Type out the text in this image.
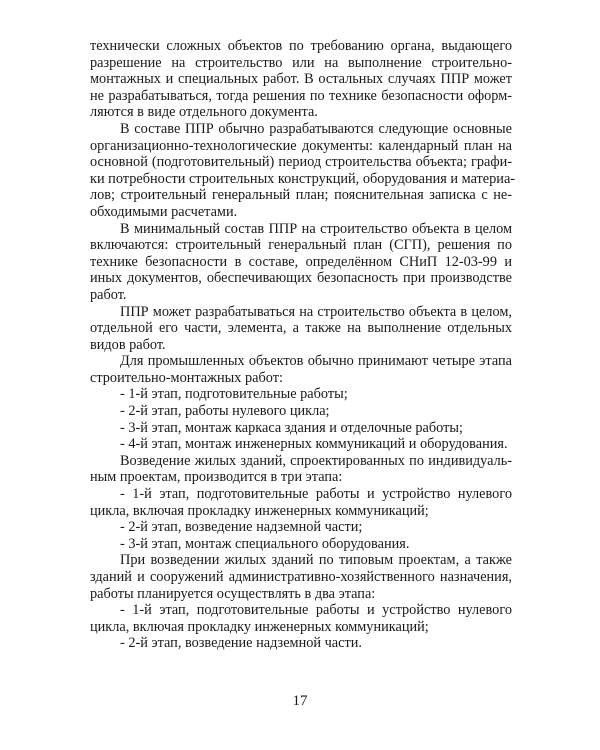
технически сложных объектов по требованию органа, выдающего
разрешение на строительство или на выполнение строительно-
монтажных и специальных работ. В остальных случаях ППР может
не разрабатываться, тогда решения по технике безопасности оформ-
ляются в виде отдельного документа.
В составе ППР обычно разрабатываются следующие основные
организационно-технологические документы: календарный план на
основной (подготовительный) период строительства объекта; графи-
ки потребности строительных конструкций, оборудования и материа-
лов; строительный генеральный план; пояснительная записка с не-
обходимыми расчетами.
В минимальный состав ППР на строительство объекта в целом
включаются: строительный генеральный план (СГП), решения по
технике безопасности в составе, определённом СНиП 12-03-99 и
иных документов, обеспечивающих безопасность при производстве
работ.
ППР может разрабатываться на строительство объекта в целом,
отдельной его части, элемента, а также на выполнение отдельных
видов работ.
Для промышленных объектов обычно принимают четыре этапа
строительно-монтажных работ:
- 1-й этап, подготовительные работы;
- 2-й этап, работы нулевого цикла;
- 3-й этап, монтаж каркаса здания и отделочные работы;
- 4-й этап, монтаж инженерных коммуникаций и оборудования.
Возведение жилых зданий, спроектированных по индивидуаль-
ным проектам, производится в три этапа:
- 1-й этап, подготовительные работы и устройство нулевого
цикла, включая прокладку инженерных коммуникаций;
- 2-й этап, возведение надземной части;
- 3-й этап, монтаж специального оборудования.
При возведении жилых зданий по типовым проектам, а также
зданий и сооружений административно-хозяйственного назначения,
работы планируется осуществлять в два этапа:
- 1-й этап, подготовительные работы и устройство нулевого
цикла, включая прокладку инженерных коммуникаций;
- 2-й этап, возведение надземной части.
17
